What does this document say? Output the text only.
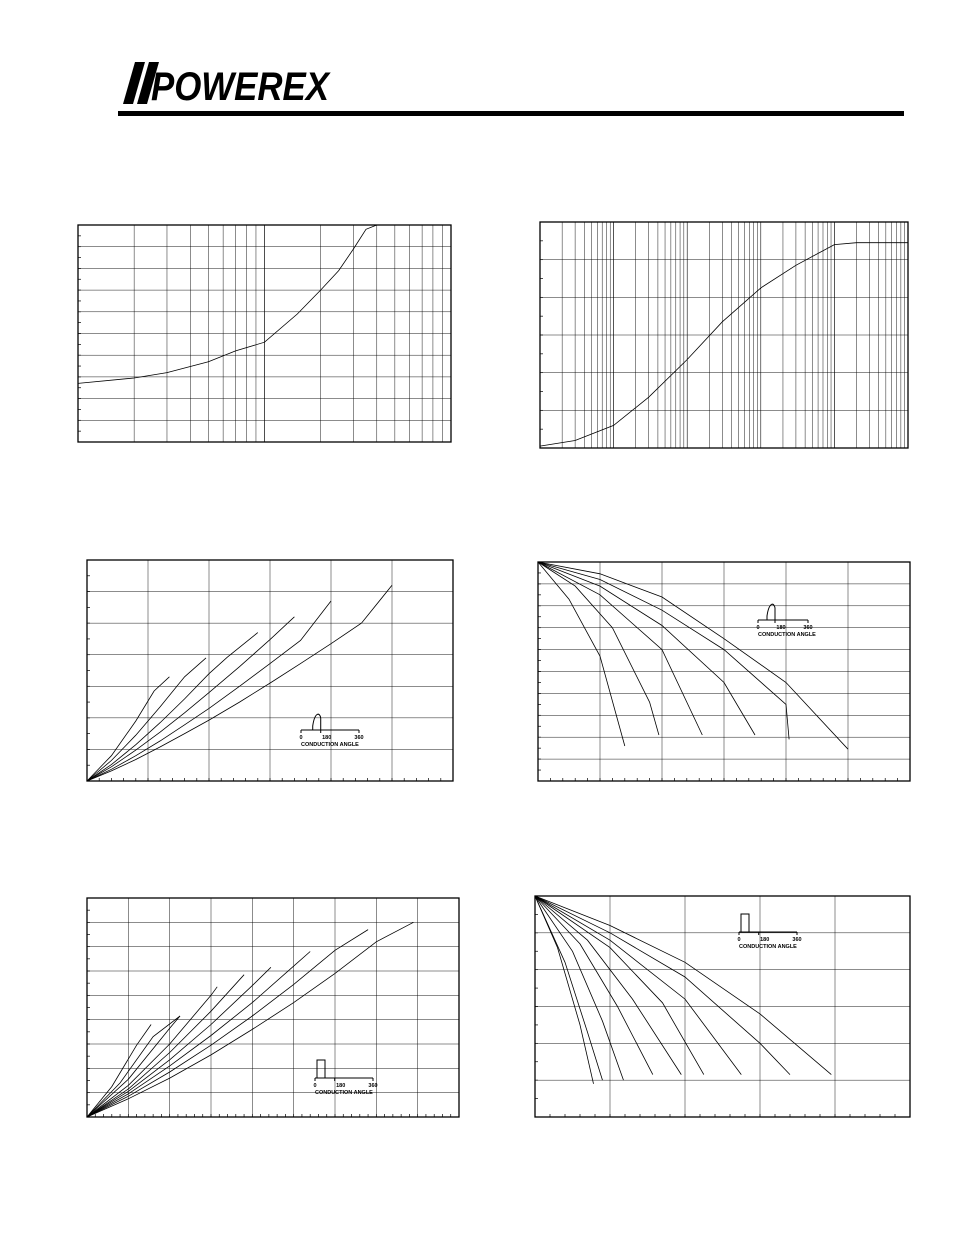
POWEREX
0	180	360
CONDUCTION ANGLE
0	180	360
CONDUCTION ANGLE
0	180	360
CONDUCTION ANGLE
0	180	360
CONDUCTION ANGLE
